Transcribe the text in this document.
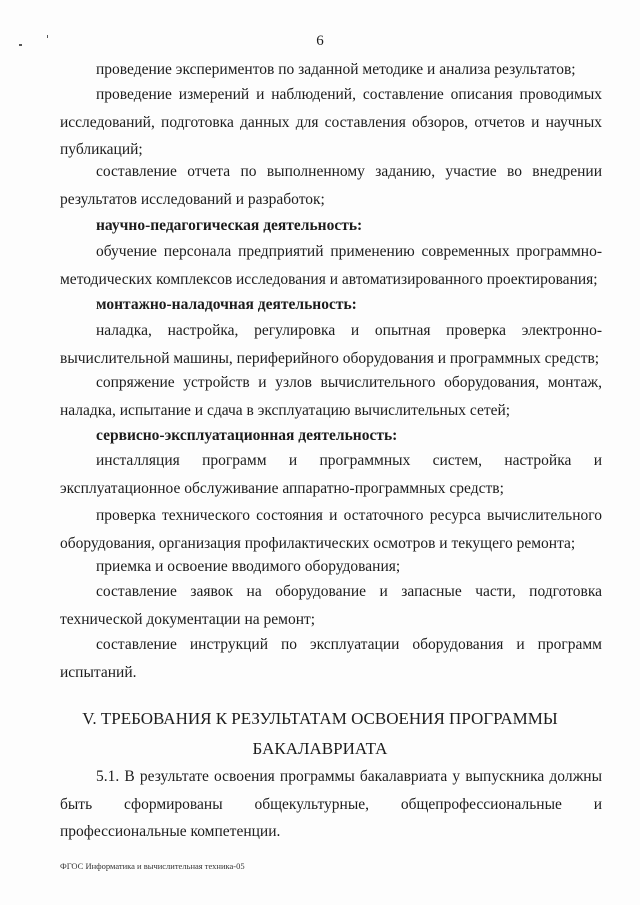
6

проведение экспериментов по заданной методике и анализа результатов;

проведение измерений и наблюдений, составление описания проводимых исследований, подготовка данных для составления обзоров, отчетов и научных публикаций;

составление отчета по выполненному заданию, участие во внедрении результатов исследований и разработок;

научно-педагогическая деятельность:

обучение персонала предприятий применению современных программно-методических комплексов исследования и автоматизированного проектирования;

монтажно-наладочная деятельность:

наладка, настройка, регулировка и опытная проверка электронно-вычислительной машины, периферийного оборудования и программных средств;

сопряжение устройств и узлов вычислительного оборудования, монтаж, наладка, испытание и сдача в эксплуатацию вычислительных сетей;

сервисно-эксплуатационная деятельность:

инсталляция программ и программных систем, настройка и эксплуатационное обслуживание аппаратно-программных средств;

проверка технического состояния и остаточного ресурса вычислительного оборудования, организация профилактических осмотров и текущего ремонта;

приемка и освоение вводимого оборудования;

составление заявок на оборудование и запасные части, подготовка технической документации на ремонт;

составление инструкций по эксплуатации оборудования и программ испытаний.

V. ТРЕБОВАНИЯ К РЕЗУЛЬТАТАМ ОСВОЕНИЯ ПРОГРАММЫ
БАКАЛАВРИАТА

5.1. В результате освоения программы бакалавриата у выпускника должны быть сформированы общекультурные, общепрофессиональные и профессиональные компетенции.

ФГОС Информатика и вычислительная техника-05
